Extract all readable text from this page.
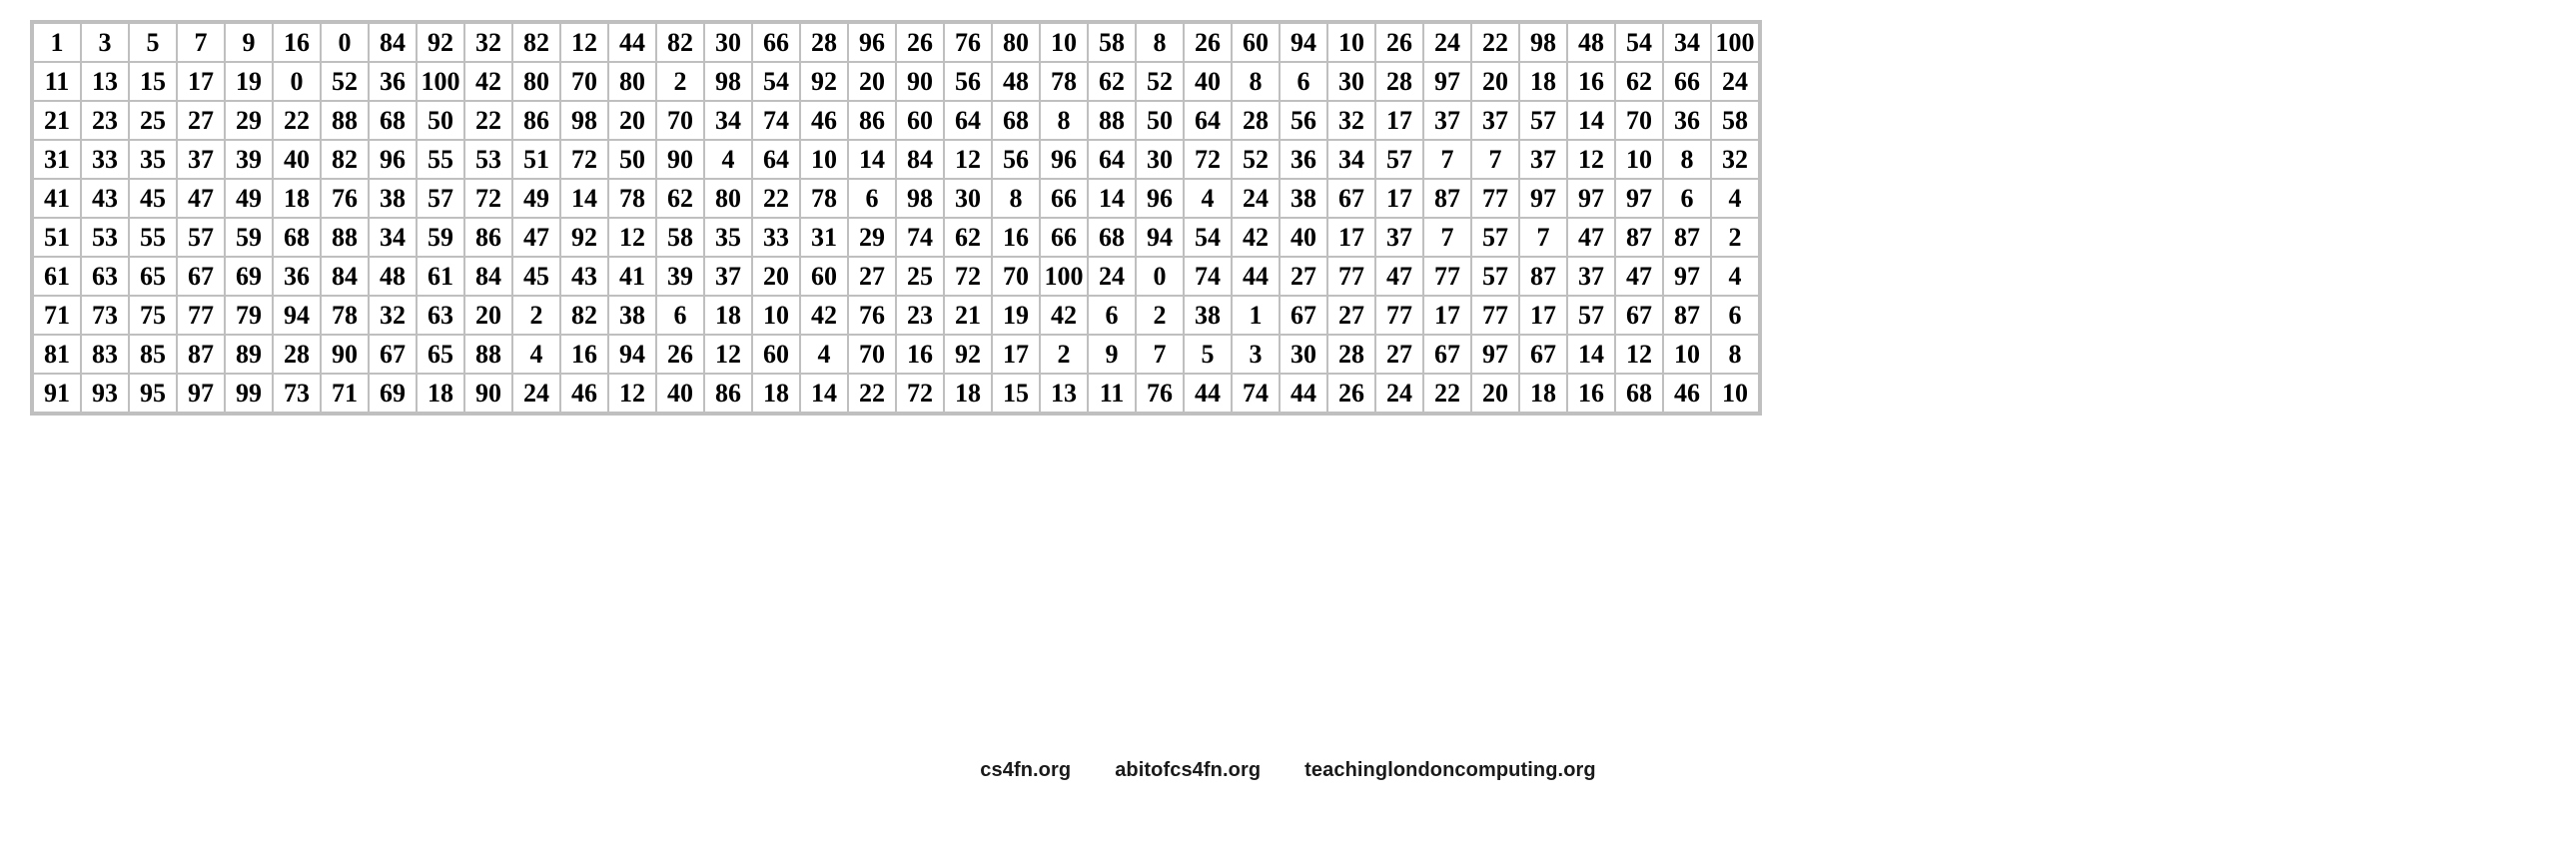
1	3	5	7	9	16	0	84	92	32	82	12	44	82	30	66	28	96	26	76	80	10	58	8	26	60	94	10	26	24	22	98	48	54	34	100
11	13	15	17	19	0	52	36	100	42	80	70	80	2	98	54	92	20	90	56	48	78	62	52	40	8	6	30	28	97	20	18	16	62	66	24
21	23	25	27	29	22	88	68	50	22	86	98	20	70	34	74	46	86	60	64	68	8	88	50	64	28	56	32	17	37	37	57	14	70	36	58
31	33	35	37	39	40	82	96	55	53	51	72	50	90	4	64	10	14	84	12	56	96	64	30	72	52	36	34	57	7	7	37	12	10	8	32
41	43	45	47	49	18	76	38	57	72	49	14	78	62	80	22	78	6	98	30	8	66	14	96	4	24	38	67	17	87	77	97	97	97	6	4
51	53	55	57	59	68	88	34	59	86	47	92	12	58	35	33	31	29	74	62	16	66	68	94	54	42	40	17	37	7	57	7	47	87	87	2
61	63	65	67	69	36	84	48	61	84	45	43	41	39	37	20	60	27	25	72	70	100	24	0	74	44	27	77	47	77	57	87	37	47	97	4
71	73	75	77	79	94	78	32	63	20	2	82	38	6	18	10	42	76	23	21	19	42	6	2	38	1	67	27	77	17	77	17	57	67	87	6
81	83	85	87	89	28	90	67	65	88	4	16	94	26	12	60	4	70	16	92	17	2	9	7	5	3	30	28	27	67	97	67	14	12	10	8
91	93	95	97	99	73	71	69	18	90	24	46	12	40	86	18	14	22	72	18	15	13	11	76	44	74	44	26	24	22	20	18	16	68	46	10
cs4fn.org abitofcs4fn.org teachinglondoncomputing.org
